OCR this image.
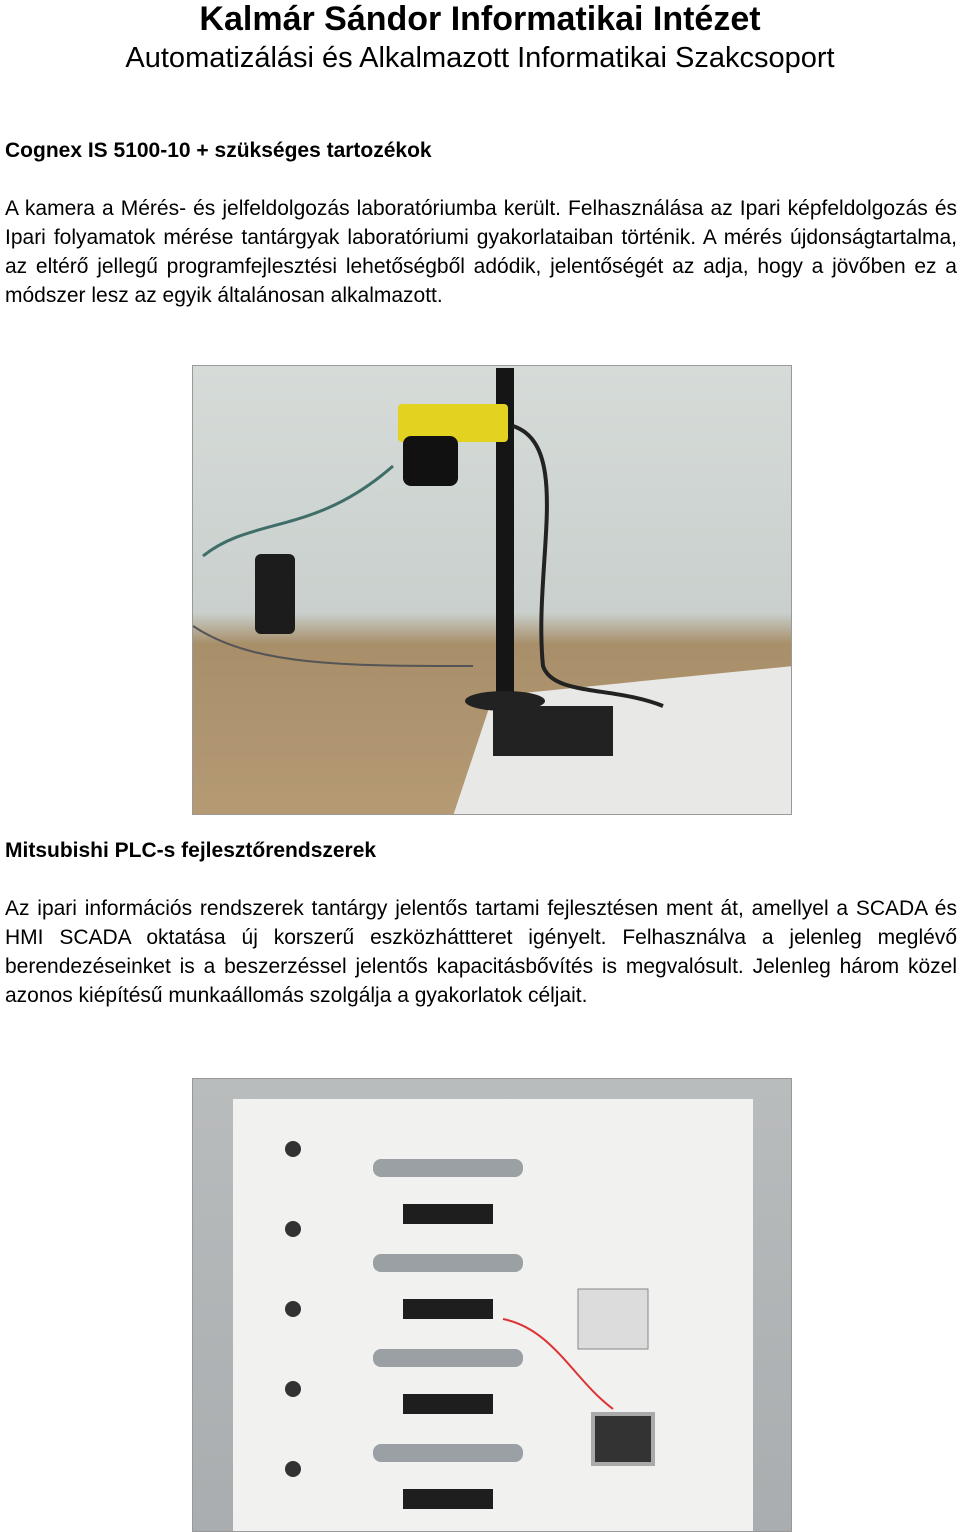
Kalmár Sándor Informatikai Intézet
Automatizálási és Alkalmazott Informatikai Szakcsoport
Cognex IS 5100-10 + szükséges tartozékok
A kamera a Mérés- és jelfeldolgozás laboratóriumba került. Felhasználása az Ipari képfeldolgozás és Ipari folyamatok mérése tantárgyak laboratóriumi gyakorlataiban történik. A mérés újdonságtartalma, az eltérő jellegű programfejlesztési lehetőségből adódik, jelentőségét az adja, hogy a jövőben ez a módszer lesz az egyik általánosan alkalmazott.
Mitsubishi PLC-s fejlesztőrendszerek
Az ipari információs rendszerek tantárgy jelentős tartami fejlesztésen ment át, amellyel a SCADA és HMI SCADA oktatása új korszerű eszközháttteret igényelt. Felhasználva a jelenleg meglévő berendezéseinket is a beszerzéssel jelentős kapacitásbővítés is megvalósult. Jelenleg három közel azonos kiépítésű munkaállomás szolgálja a gyakorlatok céljait.
